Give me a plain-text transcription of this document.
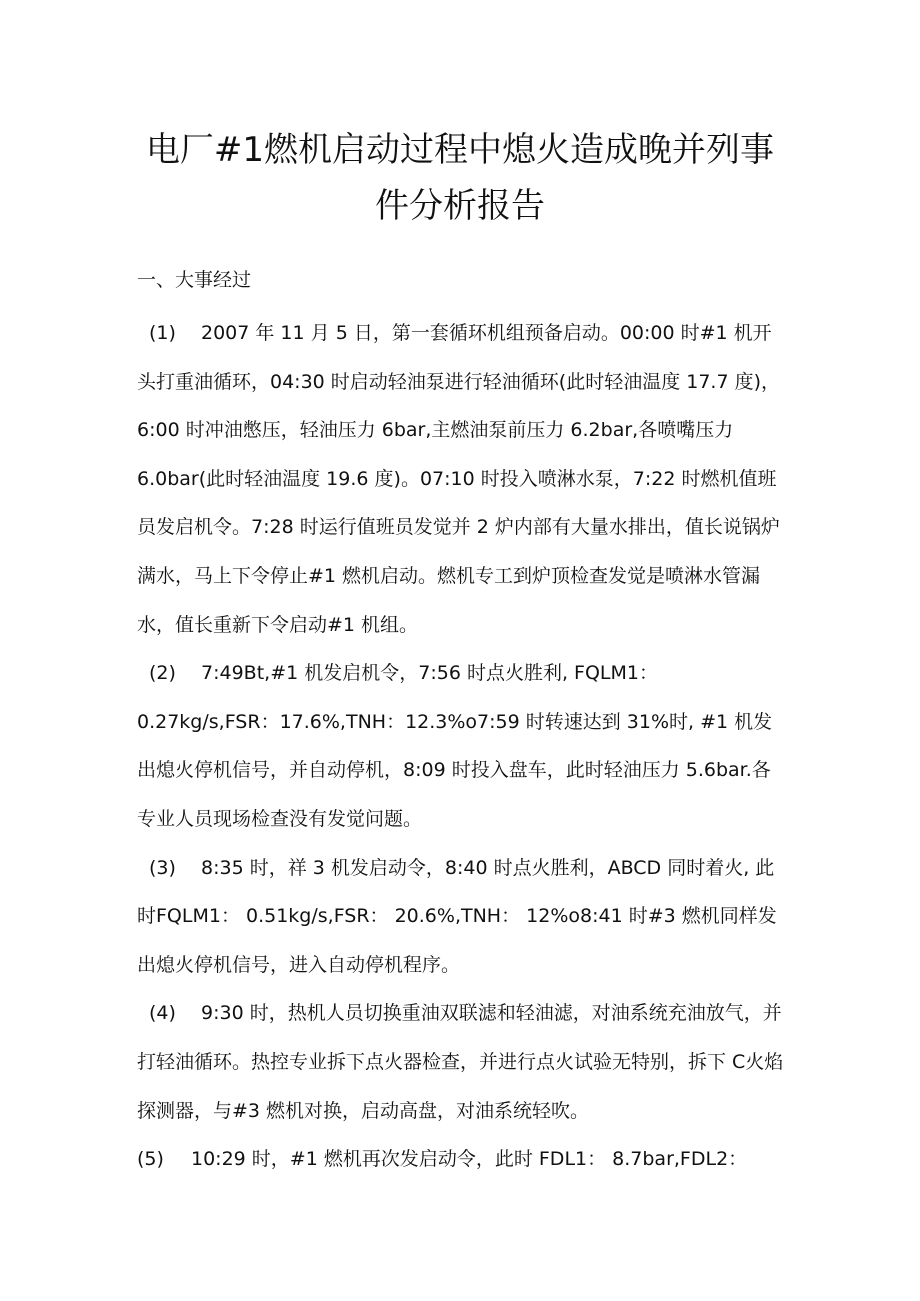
电厂#1燃机启动过程中熄火造成晚并列事
件分析报告
一、大事经过

(1) 2007 年 11 月 5 日，第一套循环机组预备启动。00:00 时#1 机开头打重油循环，04:30 时启动轻油泵进行轻油循环(此时轻油温度 17.7 度)，6:00 时冲油憋压，轻油压力 6bar,主燃油泵前压力 6.2bar,各喷嘴压力6.0bar(此时轻油温度 19.6 度)。07:10 时投入喷淋水泵，7:22 时燃机值班员发启机令。7:28 时运行值班员发觉并 2 炉内部有大量水排出，值长说锅炉满水，马上下令停止#1 燃机启动。燃机专工到炉顶检查发觉是喷淋水管漏水，值长重新下令启动#1 机组。

(2) 7:49Bt,#1 机发启机令，7:56 时点火胜利, FQLM1： 0.27kg∕s,FSR：17.6%,TNH：12.3%o7:59 时转速达到 31%时, #1 机发出熄火停机信号，并自动停机，8:09 时投入盘车，此时轻油压力 5.6bar.各专业人员现场检查没有发觉问题。

(3) 8:35 时，祥 3 机发启动令，8:40 时点火胜利，ABCD 同时着火, 此时FQLM1： 0.51kg∕s,FSR： 20.6%,TNH： 12%o8:41 时#3 燃机同样发出熄火停机信号，进入自动停机程序。

(4) 9:30 时，热机人员切换重油双联滤和轻油滤，对油系统充油放气，并打轻油循环。热控专业拆下点火器检查，并进行点火试验无特别，拆下 C火焰探测器，与#3 燃机对换，启动高盘，对油系统轻吹。

(5) 10:29 时，#1 燃机再次发启动令，此时 FDL1： 8.7bar,FDL2：
